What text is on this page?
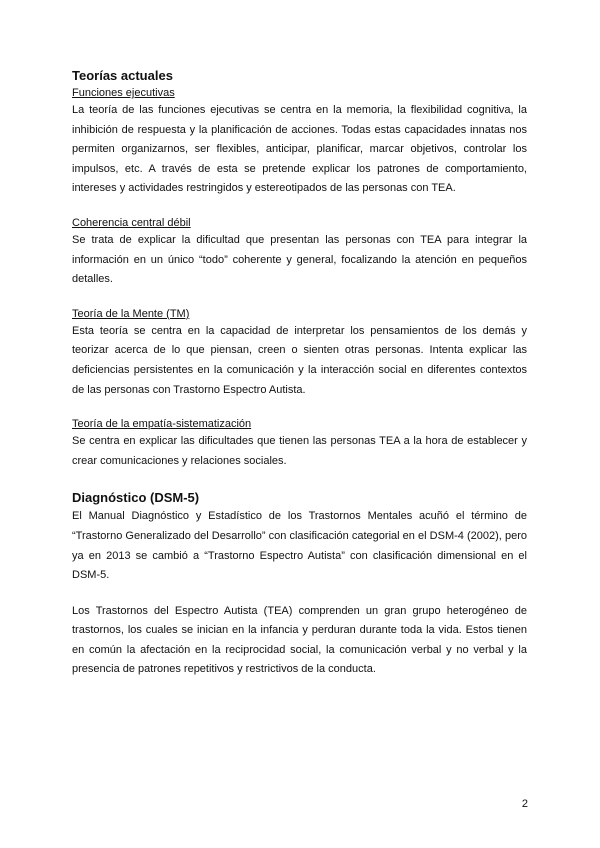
Teorías actuales

Funciones ejecutivas

La teoría de las funciones ejecutivas se centra en la memoria, la flexibilidad cognitiva, la inhibición de respuesta y la planificación de acciones. Todas estas capacidades innatas nos permiten organizarnos, ser flexibles, anticipar, planificar, marcar objetivos, controlar los impulsos, etc. A través de esta se pretende explicar los patrones de comportamiento, intereses y actividades restringidos y estereotipados de las personas con TEA.

Coherencia central débil

Se trata de explicar la dificultad que presentan las personas con TEA para integrar la información en un único “todo” coherente y general, focalizando la atención en pequeños detalles.

Teoría de la Mente (TM)

Esta teoría se centra en la capacidad de interpretar los pensamientos de los demás y teorizar acerca de lo que piensan, creen o sienten otras personas. Intenta explicar las deficiencias persistentes en la comunicación y la interacción social en diferentes contextos de las personas con Trastorno Espectro Autista.

Teoría de la empatía-sistematización

Se centra en explicar las dificultades que tienen las personas TEA a la hora de establecer y crear comunicaciones y relaciones sociales.

Diagnóstico (DSM-5)

El Manual Diagnóstico y Estadístico de los Trastornos Mentales acuñó el término de “Trastorno Generalizado del Desarrollo” con clasificación categorial en el DSM-4 (2002), pero ya en 2013 se cambió a “Trastorno Espectro Autista” con clasificación dimensional en el DSM-5.

Los Trastornos del Espectro Autista (TEA) comprenden un gran grupo heterogéneo de trastornos, los cuales se inician en la infancia y perduran durante toda la vida. Estos tienen en común la afectación en la reciprocidad social, la comunicación verbal y no verbal y la presencia de patrones repetitivos y restrictivos de la conducta.

2
